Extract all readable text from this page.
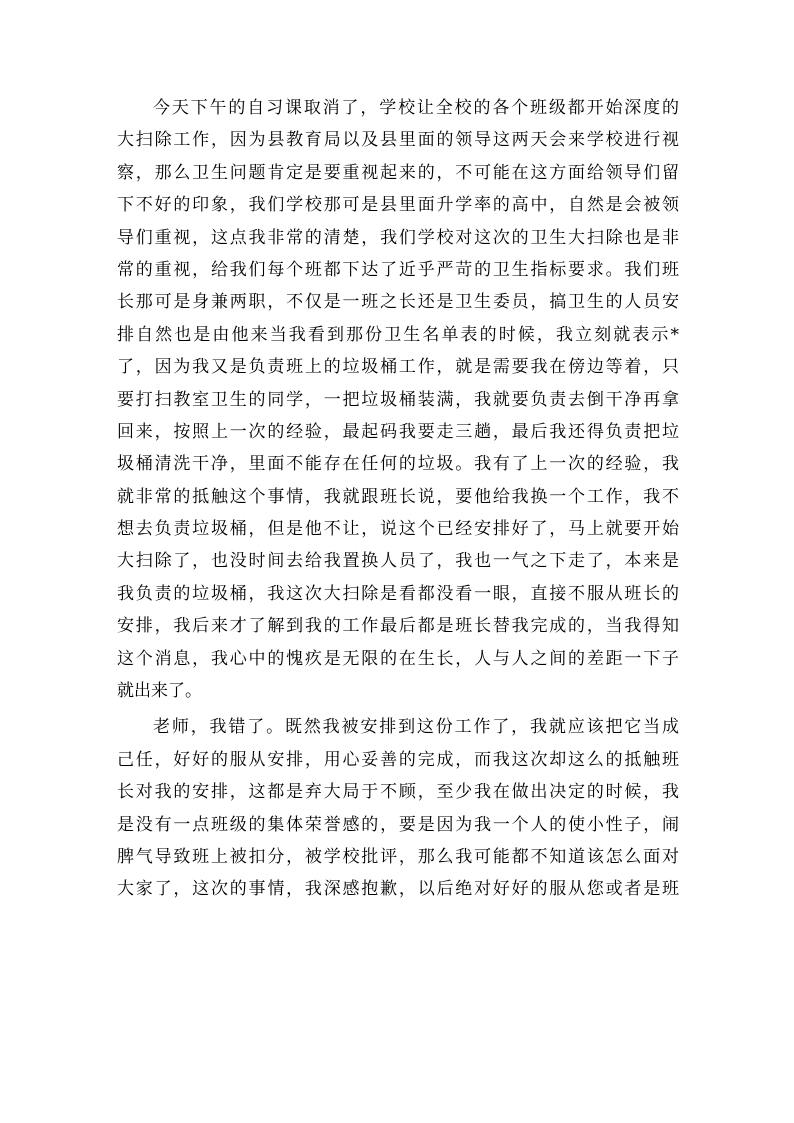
今天下午的自习课取消了，学校让全校的各个班级都开始深度的
大扫除工作，因为县教育局以及县里面的领导这两天会来学校进行视
察，那么卫生问题肯定是要重视起来的，不可能在这方面给领导们留
下不好的印象，我们学校那可是县里面升学率的高中，自然是会被领
导们重视，这点我非常的清楚，我们学校对这次的卫生大扫除也是非
常的重视，给我们每个班都下达了近乎严苛的卫生指标要求。我们班
长那可是身兼两职，不仅是一班之长还是卫生委员，搞卫生的人员安
排自然也是由他来当我看到那份卫生名单表的时候，我立刻就表示*
了，因为我又是负责班上的垃圾桶工作，就是需要我在傍边等着，只
要打扫教室卫生的同学，一把垃圾桶装满，我就要负责去倒干净再拿
回来，按照上一次的经验，最起码我要走三趟，最后我还得负责把垃
圾桶清洗干净，里面不能存在任何的垃圾。我有了上一次的经验，我
就非常的抵触这个事情，我就跟班长说，要他给我换一个工作，我不
想去负责垃圾桶，但是他不让，说这个已经安排好了，马上就要开始
大扫除了，也没时间去给我置换人员了，我也一气之下走了，本来是
我负责的垃圾桶，我这次大扫除是看都没看一眼，直接不服从班长的
安排，我后来才了解到我的工作最后都是班长替我完成的，当我得知
这个消息，我心中的愧疚是无限的在生长，人与人之间的差距一下子
就出来了。
老师，我错了。既然我被安排到这份工作了，我就应该把它当成
己任，好好的服从安排，用心妥善的完成，而我这次却这么的抵触班
长对我的安排，这都是弃大局于不顾，至少我在做出决定的时候，我
是没有一点班级的集体荣誉感的，要是因为我一个人的使小性子，闹
脾气导致班上被扣分，被学校批评，那么我可能都不知道该怎么面对
大家了，这次的事情，我深感抱歉，以后绝对好好的服从您或者是班
